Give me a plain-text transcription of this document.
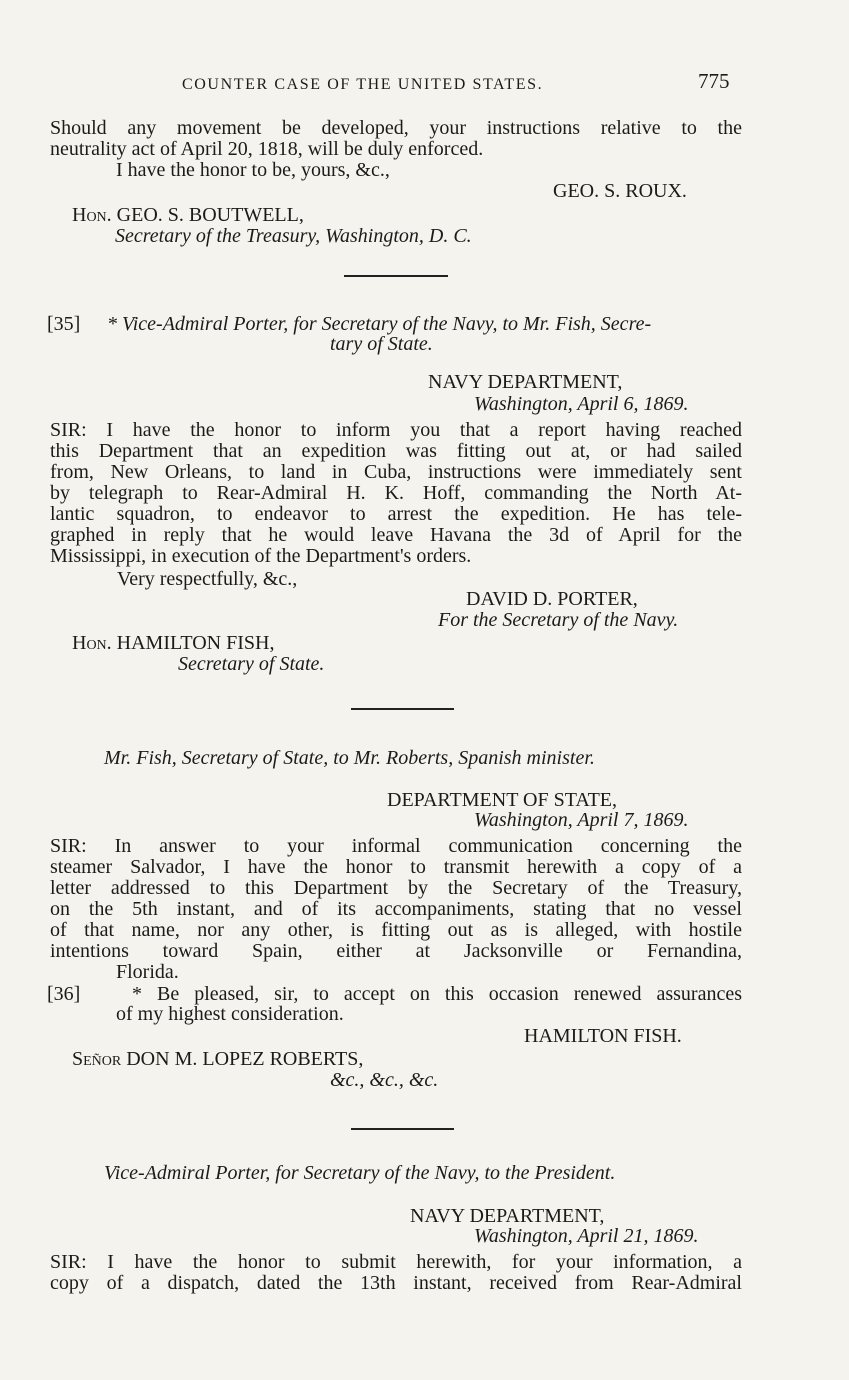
COUNTER CASE OF THE UNITED STATES.	775
Should any movement be developed, your instructions relative to the
neutrality act of April 20, 1818, will be duly enforced.
I have the honor to be, yours, &c.,
GEO. S. ROUX.
Hon. GEO. S. BOUTWELL,
Secretary of the Treasury, Washington, D. C.
[35] * Vice-Admiral Porter, for Secretary of the Navy, to Mr. Fish, Secre-
tary of State.
NAVY DEPARTMENT,
Washington, April 6, 1869.
SIR: I have the honor to inform you that a report having reached
this Department that an expedition was fitting out at, or had sailed
from, New Orleans, to land in Cuba, instructions were immediately sent
by telegraph to Rear-Admiral H. K. Hoff, commanding the North At-
lantic squadron, to endeavor to arrest the expedition. He has tele-
graphed in reply that he would leave Havana the 3d of April for the
Mississippi, in execution of the Department's orders.
Very respectfully, &c.,
DAVID D. PORTER,
For the Secretary of the Navy.
Hon. HAMILTON FISH,
Secretary of State.
Mr. Fish, Secretary of State, to Mr. Roberts, Spanish minister.
DEPARTMENT OF STATE,
Washington, April 7, 1869.
SIR: In answer to your informal communication concerning the
steamer Salvador, I have the honor to transmit herewith a copy of a
letter addressed to this Department by the Secretary of the Treasury,
on the 5th instant, and of its accompaniments, stating that no vessel
of that name, nor any other, is fitting out as is alleged, with hostile
intentions toward Spain, either at Jacksonville or Fernandina,
Florida.
[36]	* Be pleased, sir, to accept on this occasion renewed assurances
of my highest consideration.
HAMILTON FISH.
Señor DON M. LOPEZ ROBERTS,
&c., &c., &c.
Vice-Admiral Porter, for Secretary of the Navy, to the President.
NAVY DEPARTMENT,
Washington, April 21, 1869.
SIR: I have the honor to submit herewith, for your information, a
copy of a dispatch, dated the 13th instant, received from Rear-Admiral
